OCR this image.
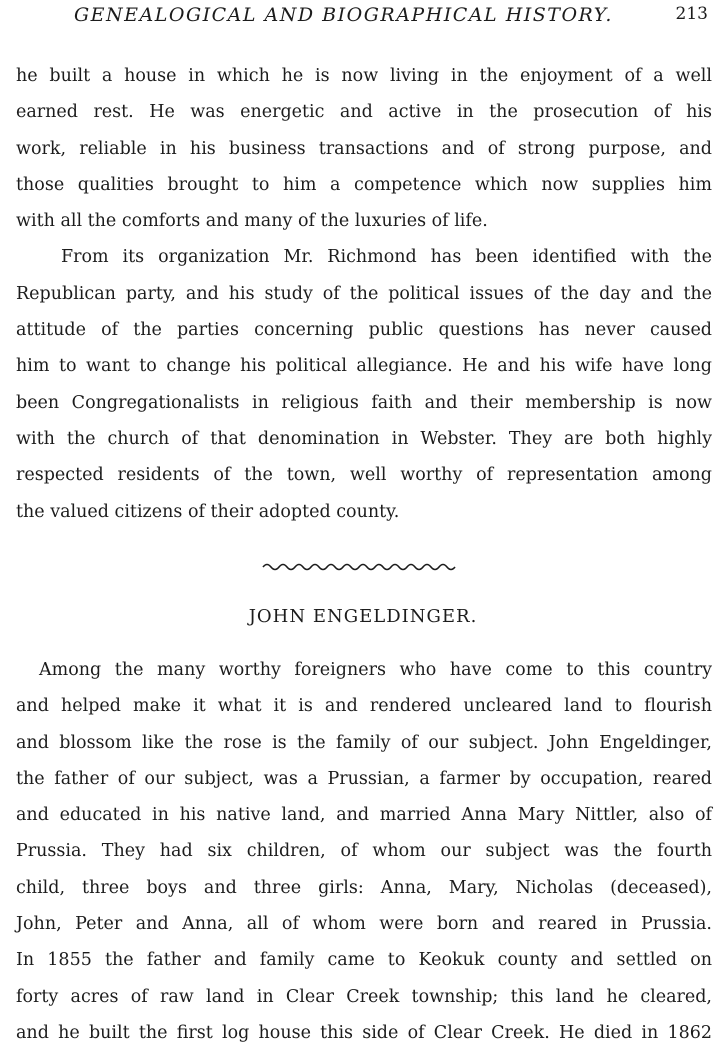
GENEALOGICAL AND BIOGRAPHICAL HISTORY.	213
he built a house in which he is now living in the enjoyment of a well
earned rest. He was energetic and active in the prosecution of his
work, reliable in his business transactions and of strong purpose, and
those qualities brought to him a competence which now supplies him
with all the comforts and many of the luxuries of life.
From its organization Mr. Richmond has been identified with the
Republican party, and his study of the political issues of the day and the
attitude of the parties concerning public questions has never caused
him to want to change his political allegiance. He and his wife have long
been Congregationalists in religious faith and their membership is now
with the church of that denomination in Webster. They are both highly
respected residents of the town, well worthy of representation among
the valued citizens of their adopted county.
JOHN ENGELDINGER.
Among the many worthy foreigners who have come to this country
and helped make it what it is and rendered uncleared land to flourish
and blossom like the rose is the family of our subject. John Engeldinger,
the father of our subject, was a Prussian, a farmer by occupation, reared
and educated in his native land, and married Anna Mary Nittler, also of
Prussia. They had six children, of whom our subject was the fourth
child, three boys and three girls: Anna, Mary, Nicholas (deceased),
John, Peter and Anna, all of whom were born and reared in Prussia.
In 1855 the father and family came to Keokuk county and settled on
forty acres of raw land in Clear Creek township; this land he cleared,
and he built the first log house this side of Clear Creek. He died in 1862
